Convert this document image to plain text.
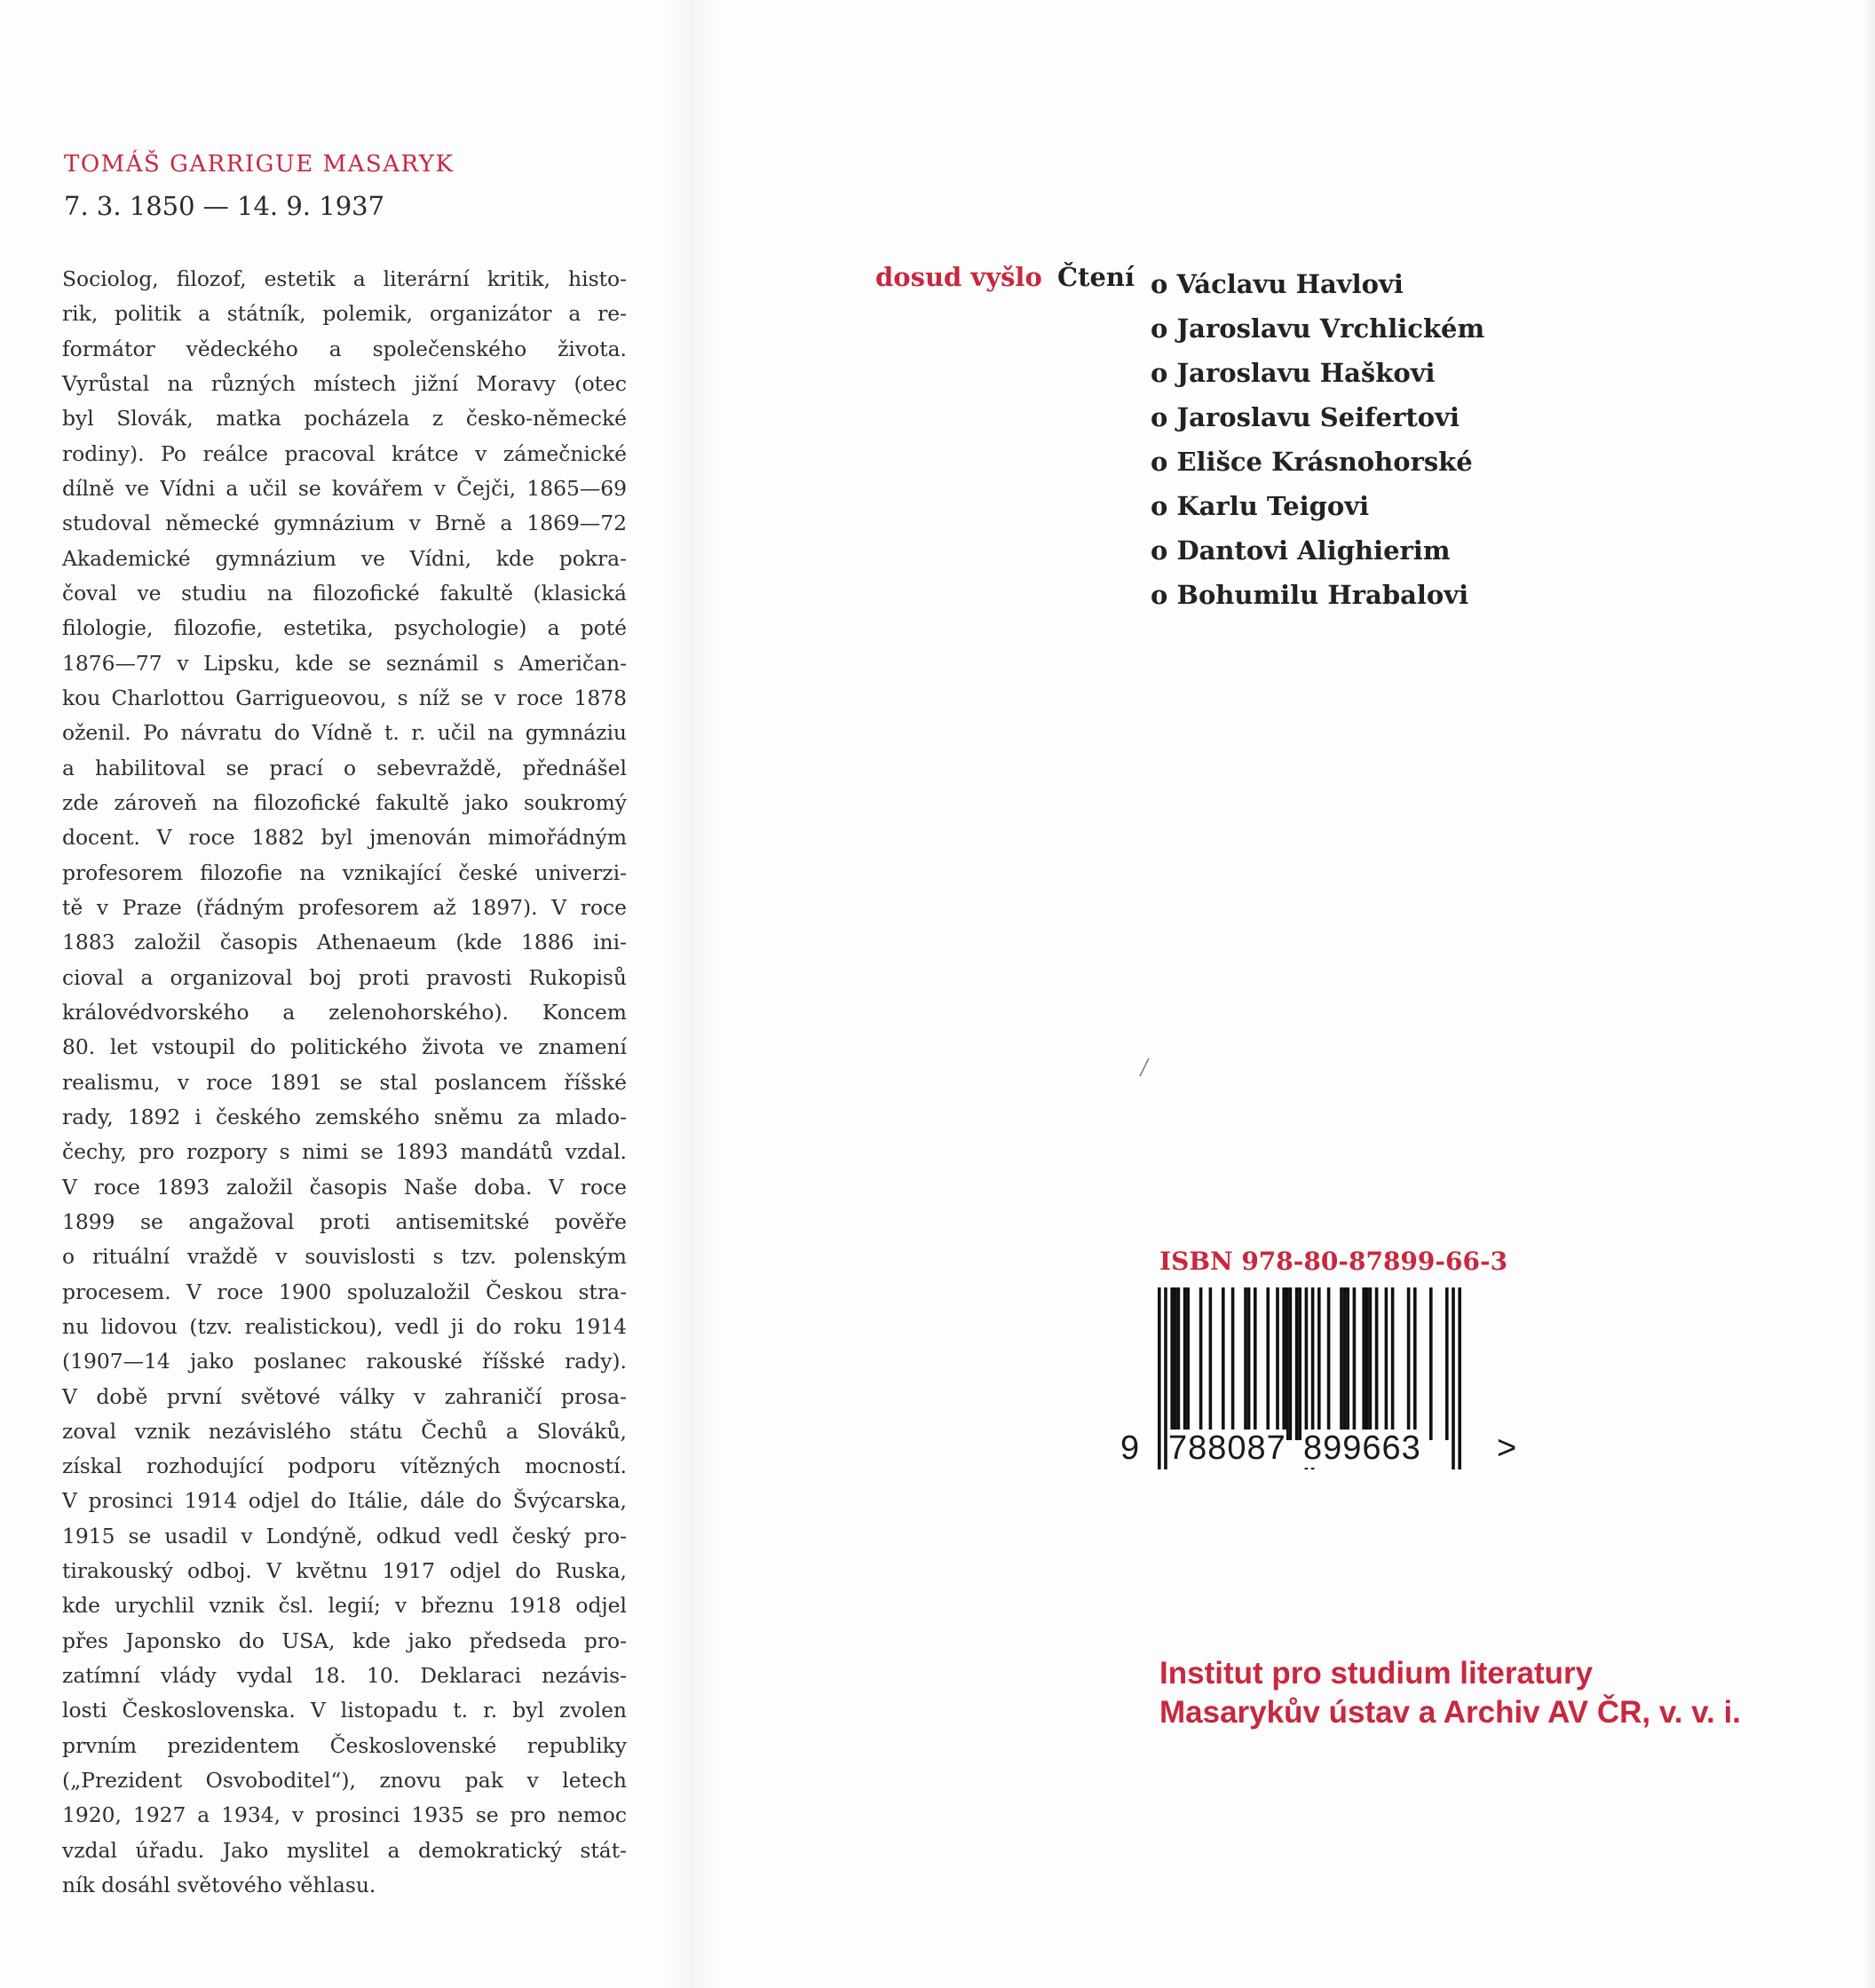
TOMÁŠ GARRIGUE MASARYK
7. 3. 1850 — 14. 9. 1937
Sociolog, filozof, estetik a literární kritik, histo-
rik, politik a státník, polemik, organizátor a re-
formátor vědeckého a společenského života.
Vyrůstal na různých místech jižní Moravy (otec
byl Slovák, matka pocházela z česko-německé
rodiny). Po reálce pracoval krátce v zámečnické
dílně ve Vídni a učil se kovářem v Čejči, 1865—69
studoval německé gymnázium v Brně a 1869—72
Akademické gymnázium ve Vídni, kde pokra-
čoval ve studiu na filozofické fakultě (klasická
filologie, filozofie, estetika, psychologie) a poté
1876—77 v Lipsku, kde se seznámil s Američan-
kou Charlottou Garrigueovou, s níž se v roce 1878
oženil. Po návratu do Vídně t. r. učil na gymnáziu
a habilitoval se prací o sebevraždě, přednášel
zde zároveň na filozofické fakultě jako soukromý
docent. V roce 1882 byl jmenován mimořádným
profesorem filozofie na vznikající české univerzi-
tě v Praze (řádným profesorem až 1897). V roce
1883 založil časopis Athenaeum (kde 1886 ini-
cioval a organizoval boj proti pravosti Rukopisů
královédvorského a zelenohorského). Koncem
80. let vstoupil do politického života ve znamení
realismu, v roce 1891 se stal poslancem říšské
rady, 1892 i českého zemského sněmu za mlado-
čechy, pro rozpory s nimi se 1893 mandátů vzdal.
V roce 1893 založil časopis Naše doba. V roce
1899 se angažoval proti antisemitské pověře
o rituální vraždě v souvislosti s tzv. polenským
procesem. V roce 1900 spoluzaložil Českou stra-
nu lidovou (tzv. realistickou), vedl ji do roku 1914
(1907—14 jako poslanec rakouské říšské rady).
V době první světové války v zahraničí prosa-
zoval vznik nezávislého státu Čechů a Slováků,
získal rozhodující podporu vítězných mocností.
V prosinci 1914 odjel do Itálie, dále do Švýcarska,
1915 se usadil v Londýně, odkud vedl český pro-
tirakouský odboj. V květnu 1917 odjel do Ruska,
kde urychlil vznik čsl. legií; v březnu 1918 odjel
přes Japonsko do USA, kde jako předseda pro-
zatímní vlády vydal 18. 10. Deklaraci nezávis-
losti Československa. V listopadu t. r. byl zvolen
prvním prezidentem Československé republiky
(„Prezident Osvoboditel“), znovu pak v letech
1920, 1927 a 1934, v prosinci 1935 se pro nemoc
vzdal úřadu. Jako myslitel a demokratický stát-
ník dosáhl světového věhlasu.
dosud vyšlo Čtení o Václavu Havlovi
o Jaroslavu Vrchlickém
o Jaroslavu Haškovi
o Jaroslavu Seifertovi
o Elišce Krásnohorské
o Karlu Teigovi
o Dantovi Alighierim
o Bohumilu Hrabalovi
ISBN 978-80-87899-66-3
9 788087 899663 >
Institut pro studium literatury
Masarykův ústav a Archiv AV ČR, v. v. i.
